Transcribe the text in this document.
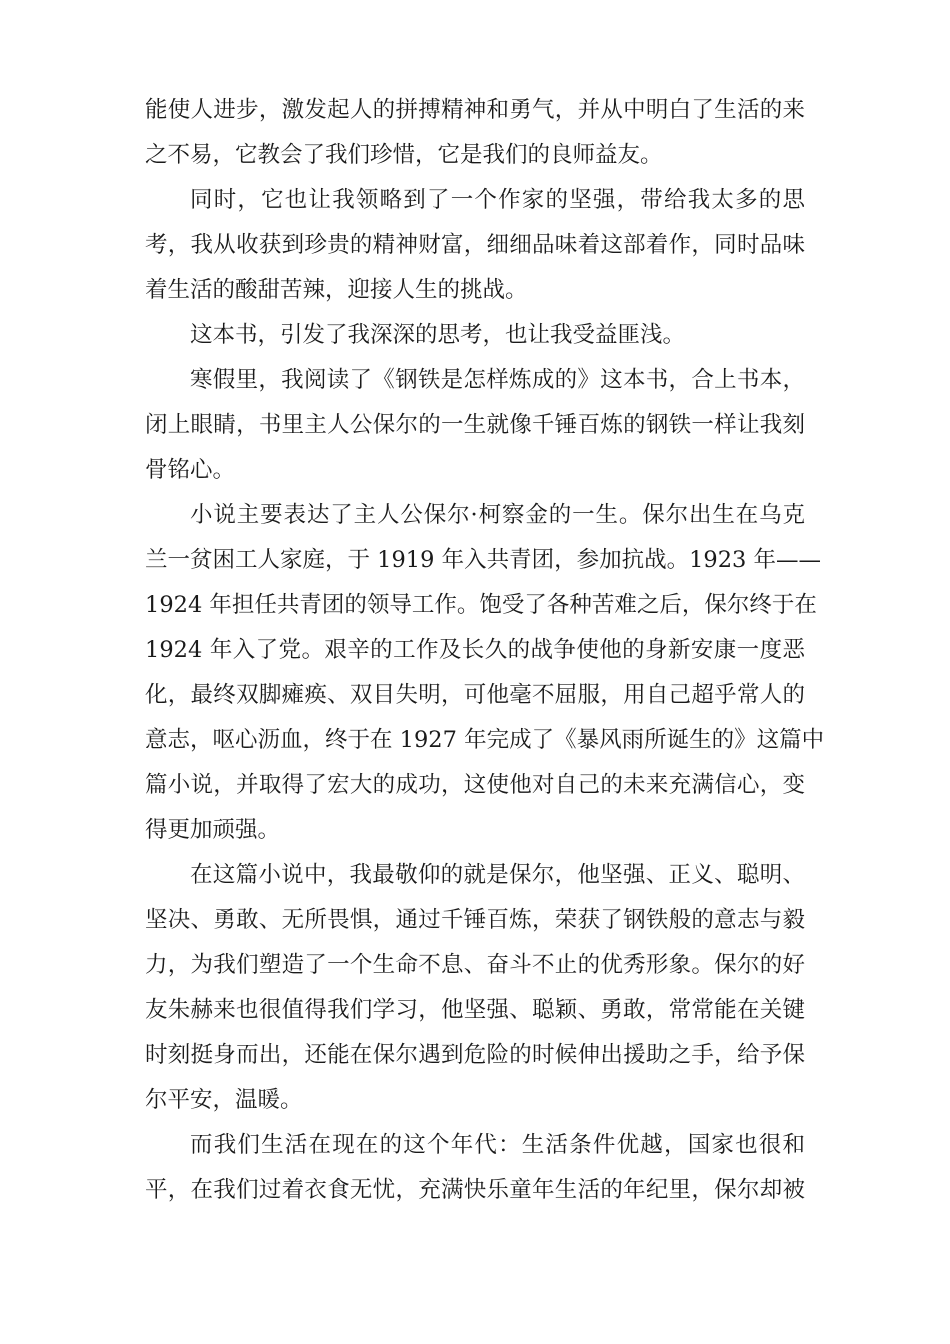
能使人进步，激发起人的拼搏精神和勇气，并从中明白了生活的来
之不易，它教会了我们珍惜，它是我们的良师益友。
同时，它也让我领略到了一个作家的坚强，带给我太多的思
考，我从收获到珍贵的精神财富，细细品味着这部着作，同时品味
着生活的酸甜苦辣，迎接人生的挑战。
这本书，引发了我深深的思考，也让我受益匪浅。
寒假里，我阅读了《钢铁是怎样炼成的》这本书，合上书本，
闭上眼睛，书里主人公保尔的一生就像千锤百炼的钢铁一样让我刻
骨铭心。
小说主要表达了主人公保尔·柯察金的一生。保尔出生在乌克
兰一贫困工人家庭，于 1919 年入共青团，参加抗战。1923 年——
1924 年担任共青团的领导工作。饱受了各种苦难之后，保尔终于在
1924 年入了党。艰辛的工作及长久的战争使他的身新安康一度恶
化，最终双脚瘫痪、双目失明，可他毫不屈服，用自己超乎常人的
意志，呕心沥血，终于在 1927 年完成了《暴风雨所诞生的》这篇中
篇小说，并取得了宏大的成功，这使他对自己的未来充满信心，变
得更加顽强。
在这篇小说中，我最敬仰的就是保尔，他坚强、正义、聪明、
坚决、勇敢、无所畏惧，通过千锤百炼，荣获了钢铁般的意志与毅
力，为我们塑造了一个生命不息、奋斗不止的优秀形象。保尔的好
友朱赫来也很值得我们学习，他坚强、聪颖、勇敢，常常能在关键
时刻挺身而出，还能在保尔遇到危险的时候伸出援助之手，给予保
尔平安，温暖。
而我们生活在现在的这个年代：生活条件优越，国家也很和
平，在我们过着衣食无忧，充满快乐童年生活的年纪里，保尔却被
